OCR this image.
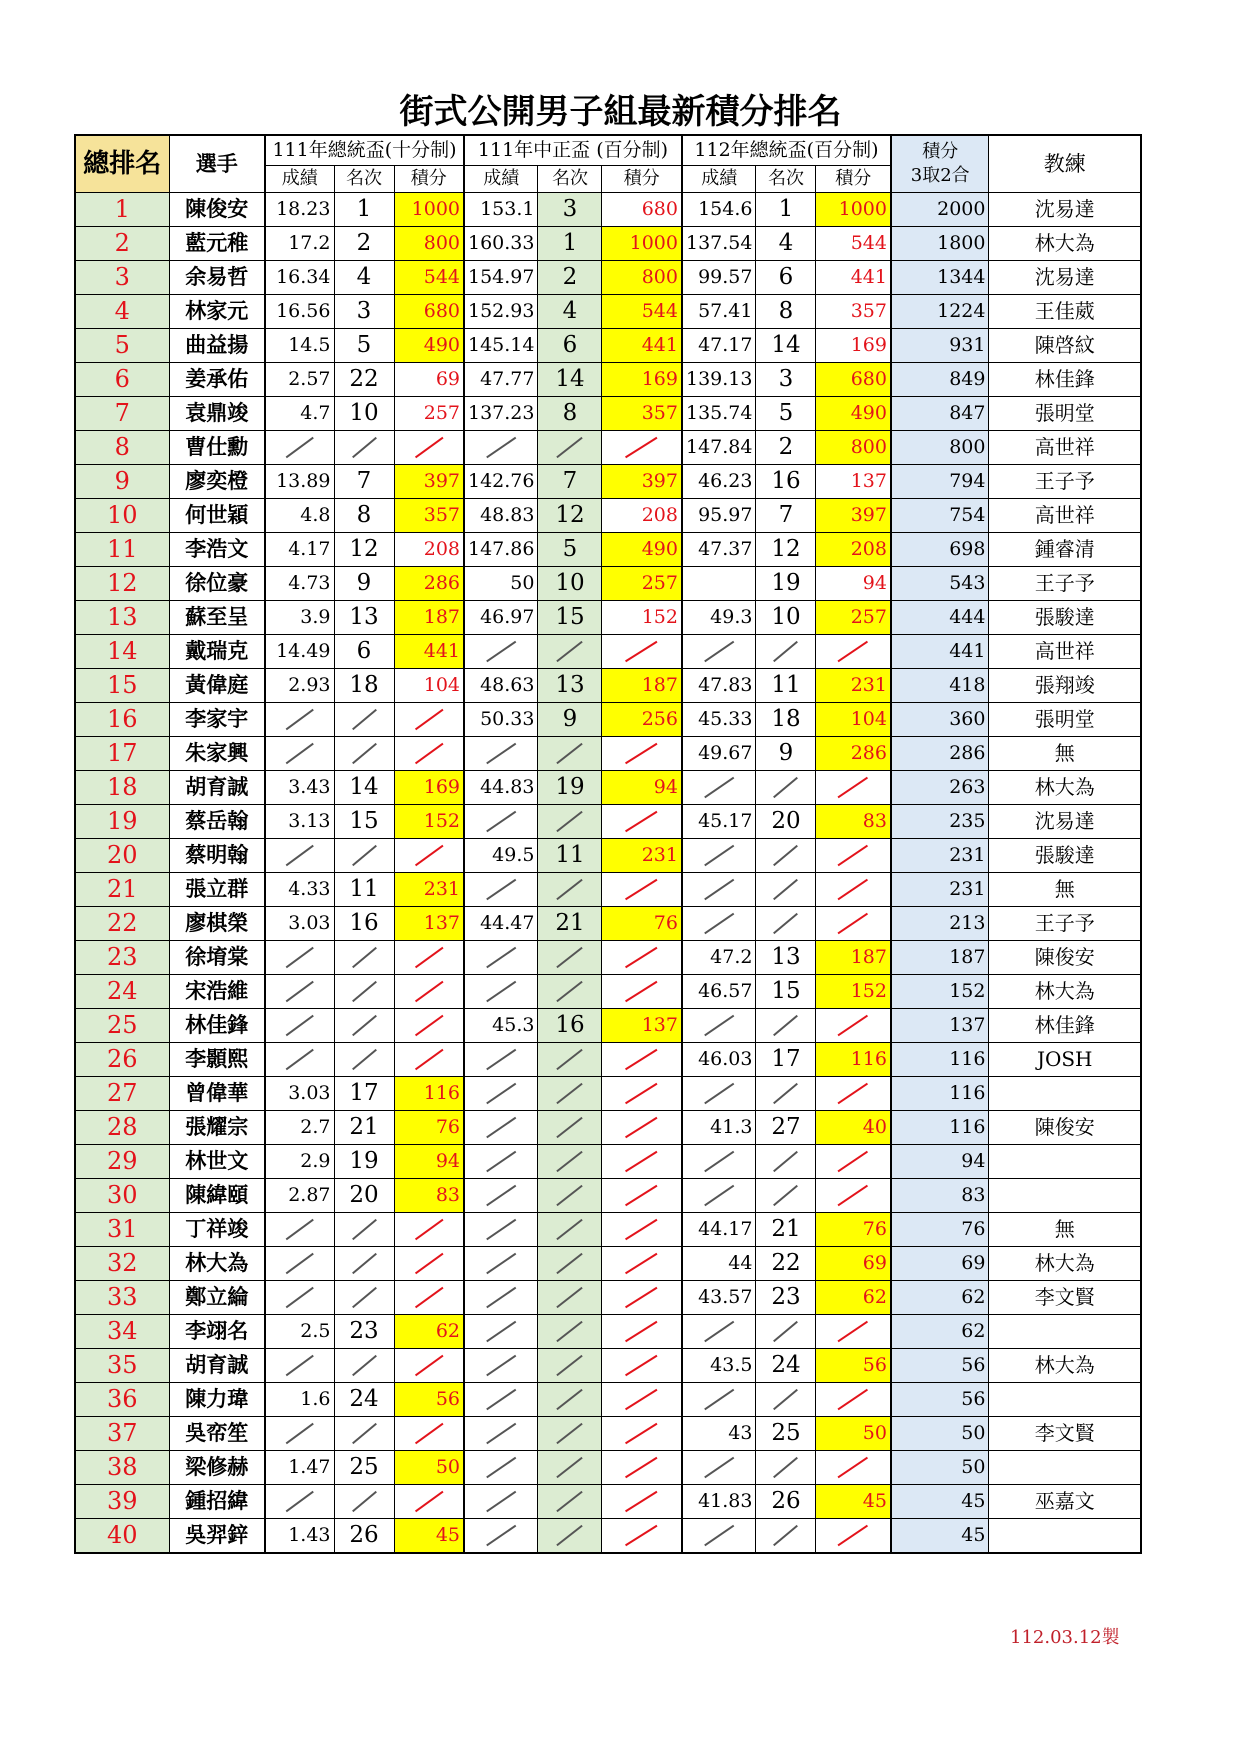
街式公開男子組最新積分排名
總排名	選手	111年總統盃(十分制)			111年中正盃 (百分制)			112年總統盃(百分制)			積分
3取2合	教練
		成績	名次	積分	成績	名次	積分	成績	名次	積分		
1	陳俊安	18.23	1	1000	153.1	3	680	154.6	1	1000	2000	沈易達
2	藍元稚	17.2	2	800	160.33	1	1000	137.54	4	544	1800	林大為
3	余易哲	16.34	4	544	154.97	2	800	99.57	6	441	1344	沈易達
4	林家元	16.56	3	680	152.93	4	544	57.41	8	357	1224	王佳葳
5	曲益揚	14.5	5	490	145.14	6	441	47.17	14	169	931	陳啓紋
6	姜承佑	2.57	22	69	47.77	14	169	139.13	3	680	849	林佳鋒
7	袁鼎竣	4.7	10	257	137.23	8	357	135.74	5	490	847	張明堂
8	曹仕勳							147.84	2	800	800	高世祥
9	廖奕橙	13.89	7	397	142.76	7	397	46.23	16	137	794	王子予
10	何世穎	4.8	8	357	48.83	12	208	95.97	7	397	754	高世祥
11	李浩文	4.17	12	208	147.86	5	490	47.37	12	208	698	鍾睿清
12	徐位豪	4.73	9	286	50	10	257		19	94	543	王子予
13	蘇至呈	3.9	13	187	46.97	15	152	49.3	10	257	444	張駿達
14	戴瑞克	14.49	6	441							441	高世祥
15	黃偉庭	2.93	18	104	48.63	13	187	47.83	11	231	418	張翔竣
16	李家宇				50.33	9	256	45.33	18	104	360	張明堂
17	朱家興							49.67	9	286	286	無
18	胡育誠	3.43	14	169	44.83	19	94				263	林大為
19	蔡岳翰	3.13	15	152				45.17	20	83	235	沈易達
20	蔡明翰				49.5	11	231				231	張駿達
21	張立群	4.33	11	231							231	無
22	廖棋榮	3.03	16	137	44.47	21	76				213	王子予
23	徐堉棠							47.2	13	187	187	陳俊安
24	宋浩維							46.57	15	152	152	林大為
25	林佳鋒				45.3	16	137				137	林佳鋒
26	李顥熙							46.03	17	116	116	JOSH
27	曾偉華	3.03	17	116							116	
28	張耀宗	2.7	21	76				41.3	27	40	116	陳俊安
29	林世文	2.9	19	94							94	
30	陳緯頤	2.87	20	83							83	
31	丁祥竣							44.17	21	76	76	無
32	林大為							44	22	69	69	林大為
33	鄭立綸							43.57	23	62	62	李文賢
34	李翊名	2.5	23	62							62	
35	胡育誠							43.5	24	56	56	林大為
36	陳力瑋	1.6	24	56							56	
37	吳帟笙							43	25	50	50	李文賢
38	梁修赫	1.47	25	50							50	
39	鍾招緯							41.83	26	45	45	巫嘉文
40	吳羿鋅	1.43	26	45							45	
112.03.12製
